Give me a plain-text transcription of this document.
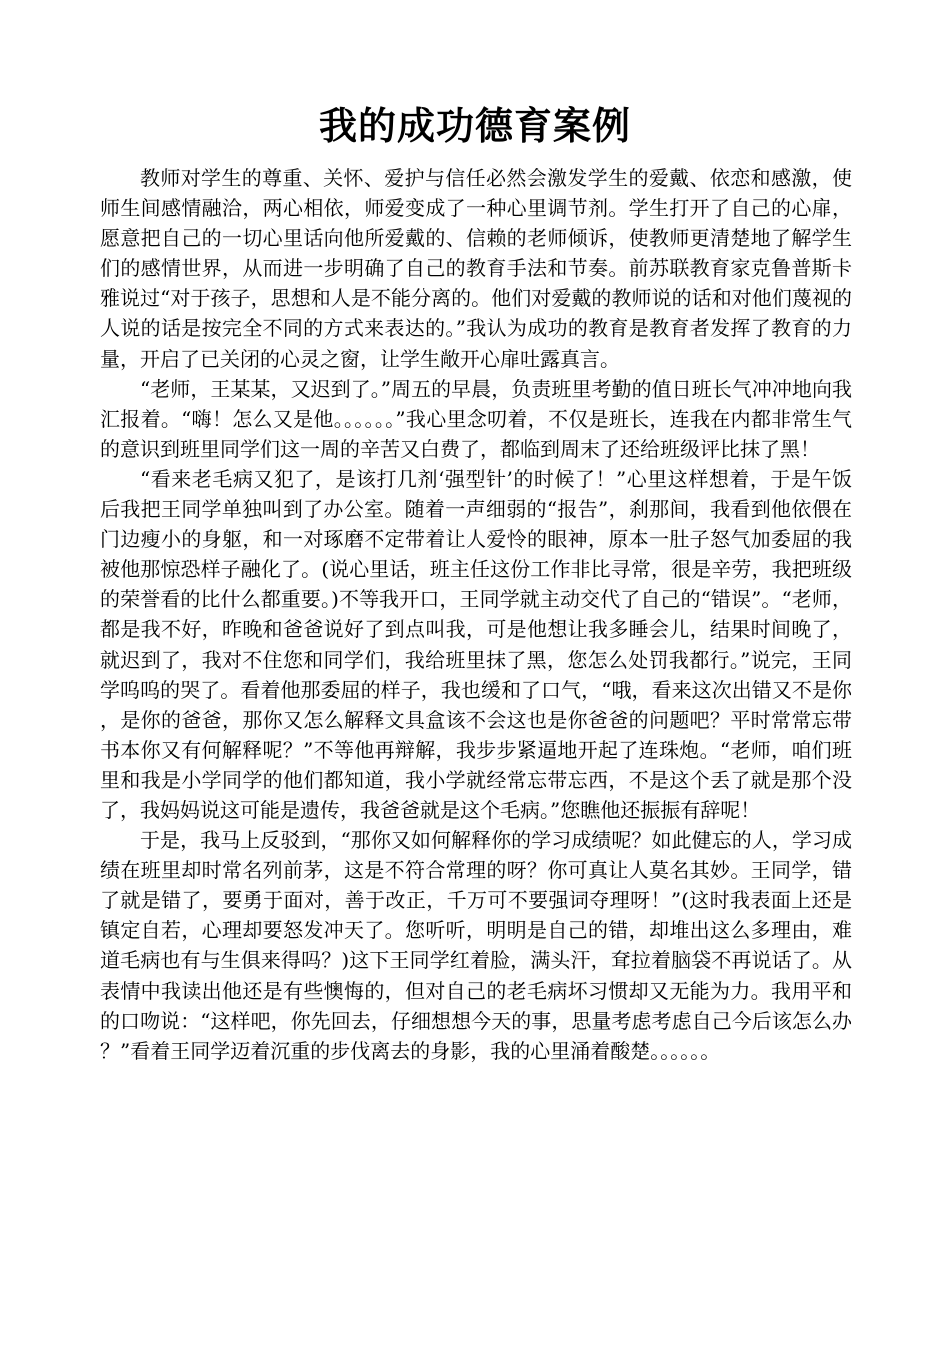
我的成功德育案例

教师对学生的尊重、关怀、爱护与信任必然会激发学生的爱戴、依恋和感激，使师生间感情融洽，两心相依，师爱变成了一种心里调节剂。学生打开了自己的心扉，愿意把自己的一切心里话向他所爱戴的、信赖的老师倾诉，使教师更清楚地了解学生们的感情世界，从而进一步明确了自己的教育手法和节奏。前苏联教育家克鲁普斯卡雅说过“对于孩子，思想和人是不能分离的。他们对爱戴的教师说的话和对他们蔑视的人说的话是按完全不同的方式来表达的。”我认为成功的教育是教育者发挥了教育的力量，开启了已关闭的心灵之窗，让学生敞开心扉吐露真言。

“老师，王某某，又迟到了。”周五的早晨，负责班里考勤的值日班长气冲冲地向我汇报着。“嗨！怎么又是他。。。。。。”我心里念叨着，不仅是班长，连我在内都非常生气的意识到班里同学们这一周的辛苦又白费了，都临到周末了还给班级评比抹了黑！

“看来老毛病又犯了，是该打几剂‘强型针’的时候了！”心里这样想着，于是午饭后我把王同学单独叫到了办公室。随着一声细弱的“报告”，刹那间，我看到他依偎在门边瘦小的身躯，和一对琢磨不定带着让人爱怜的眼神，原本一肚子怒气加委屈的我被他那惊恐样子融化了。(说心里话，班主任这份工作非比寻常，很是辛劳，我把班级的荣誉看的比什么都重要。)不等我开口，王同学就主动交代了自己的“错误”。“老师，都是我不好，昨晚和爸爸说好了到点叫我，可是他想让我多睡会儿，结果时间晚了，就迟到了，我对不住您和同学们，我给班里抹了黑，您怎么处罚我都行。”说完，王同学呜呜的哭了。看着他那委屈的样子，我也缓和了口气，“哦，看来这次出错又不是你，是你的爸爸，那你又怎么解释文具盒该不会这也是你爸爸的问题吧？平时常常忘带书本你又有何解释呢？”不等他再辩解，我步步紧逼地开起了连珠炮。“老师，咱们班里和我是小学同学的他们都知道，我小学就经常忘带忘西，不是这个丢了就是那个没了，我妈妈说这可能是遗传，我爸爸就是这个毛病。”您瞧他还振振有辞呢！

于是，我马上反驳到，“那你又如何解释你的学习成绩呢？如此健忘的人，学习成绩在班里却时常名列前茅，这是不符合常理的呀？你可真让人莫名其妙。王同学，错了就是错了，要勇于面对，善于改正，千万可不要强词夺理呀！”(这时我表面上还是镇定自若，心理却要怒发冲天了。您听听，明明是自己的错，却堆出这么多理由，难道毛病也有与生俱来得吗？)这下王同学红着脸，满头汗，耷拉着脑袋不再说话了。从表情中我读出他还是有些懊悔的，但对自己的老毛病坏习惯却又无能为力。我用平和的口吻说：“这样吧，你先回去，仔细想想今天的事，思量考虑考虑自己今后该怎么办？”看着王同学迈着沉重的步伐离去的身影，我的心里涌着酸楚。。。。。。
